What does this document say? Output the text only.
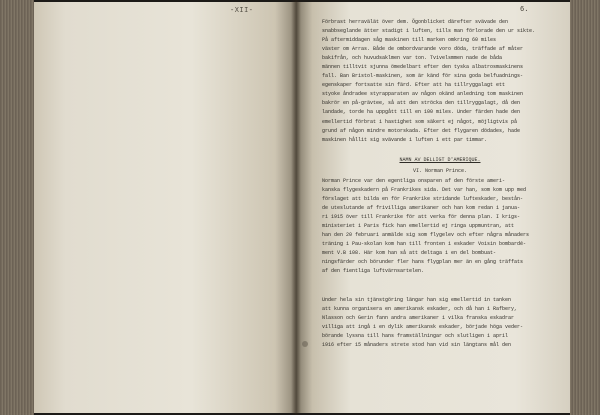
-XII-	6.
Förbrast herravälät över dem. Ögonblicket därefter svävade den
snabbseglande ätter stadigt i luften, tills man förlorade den ur sikte.
På aftermiddagen såg maskinen till marken omkring 60 miles
väster om Arras. Både de ombordvarande voro döda, träffade af måter
bakifrån, och huvudsaklmen var ton. Tvivelsmmen nade de båda
männen tilltvit sjunna ömedelbart efter den tyska albatrosmaskinens
fall. Ban Bristol-maskinen, som är känd för sina goda belfuadnings-
egenskaper fortsatte sin färd. Efter att ha tillryggalagt ett
styoke åndradee styrapparaten av någon okänd anledning tom maskinen
bakrör en på-grävtee, så att den ströcka den tillryggalagt, då den
landade, torde ha uppgått till en 100 miles. Under färden hade den
emellertid förbrat i hastighet som säkert ej något, möjligtvis på
grund af någon mindre motorskada. Efter det flygaren dödades, hade
maskinen hållit sig svävande i luften i ett par timmar.
NAMN AV DELLIGT D'AMERIQUE.
VI. Norman Prince.
Norman Prince var den egentliga onsparen af den förste ameri-
kanska flygeskadern på Frankrikes sida. Det var han, som kom upp med
förslaget att bilda en för Frankrike stridande lufteskader, bestån-
de uteslutande af frivilliga amerikaner och han kom redan i janua-
ri 1915 över till Frankrike för att verka för denna plan. I krigs-
ministeriet i Paris fick han emellertid ej ringa uppmuntran, att
han den 20 februari anmälde sig som flygelev och efter några månaders
träning i Pau-skolan kom han till fronten i eskader Voisin bombardé-
ment V.B 108. Här kom han så att deltaga i en del bombuat-
ningsfärder och börunder fler hans flygplan mer än en gång träffats
af den fientliga luftvärnsartelen.
Under hela sin tjänstgöring längar han sig emellertid in tanken
att kunna organisera en amerikansk eskader, och då han i Rafbery,
Nlasson och Gerin fann andra amerikaner i vilka franska eskadrar
villiga att ingå i en dylik amerikansk eskader, började höga veder-
börande lyssna till hans framställningar och slutligen i april
1916 efter 15 månaders strete stod han vid sin längtans mål den
